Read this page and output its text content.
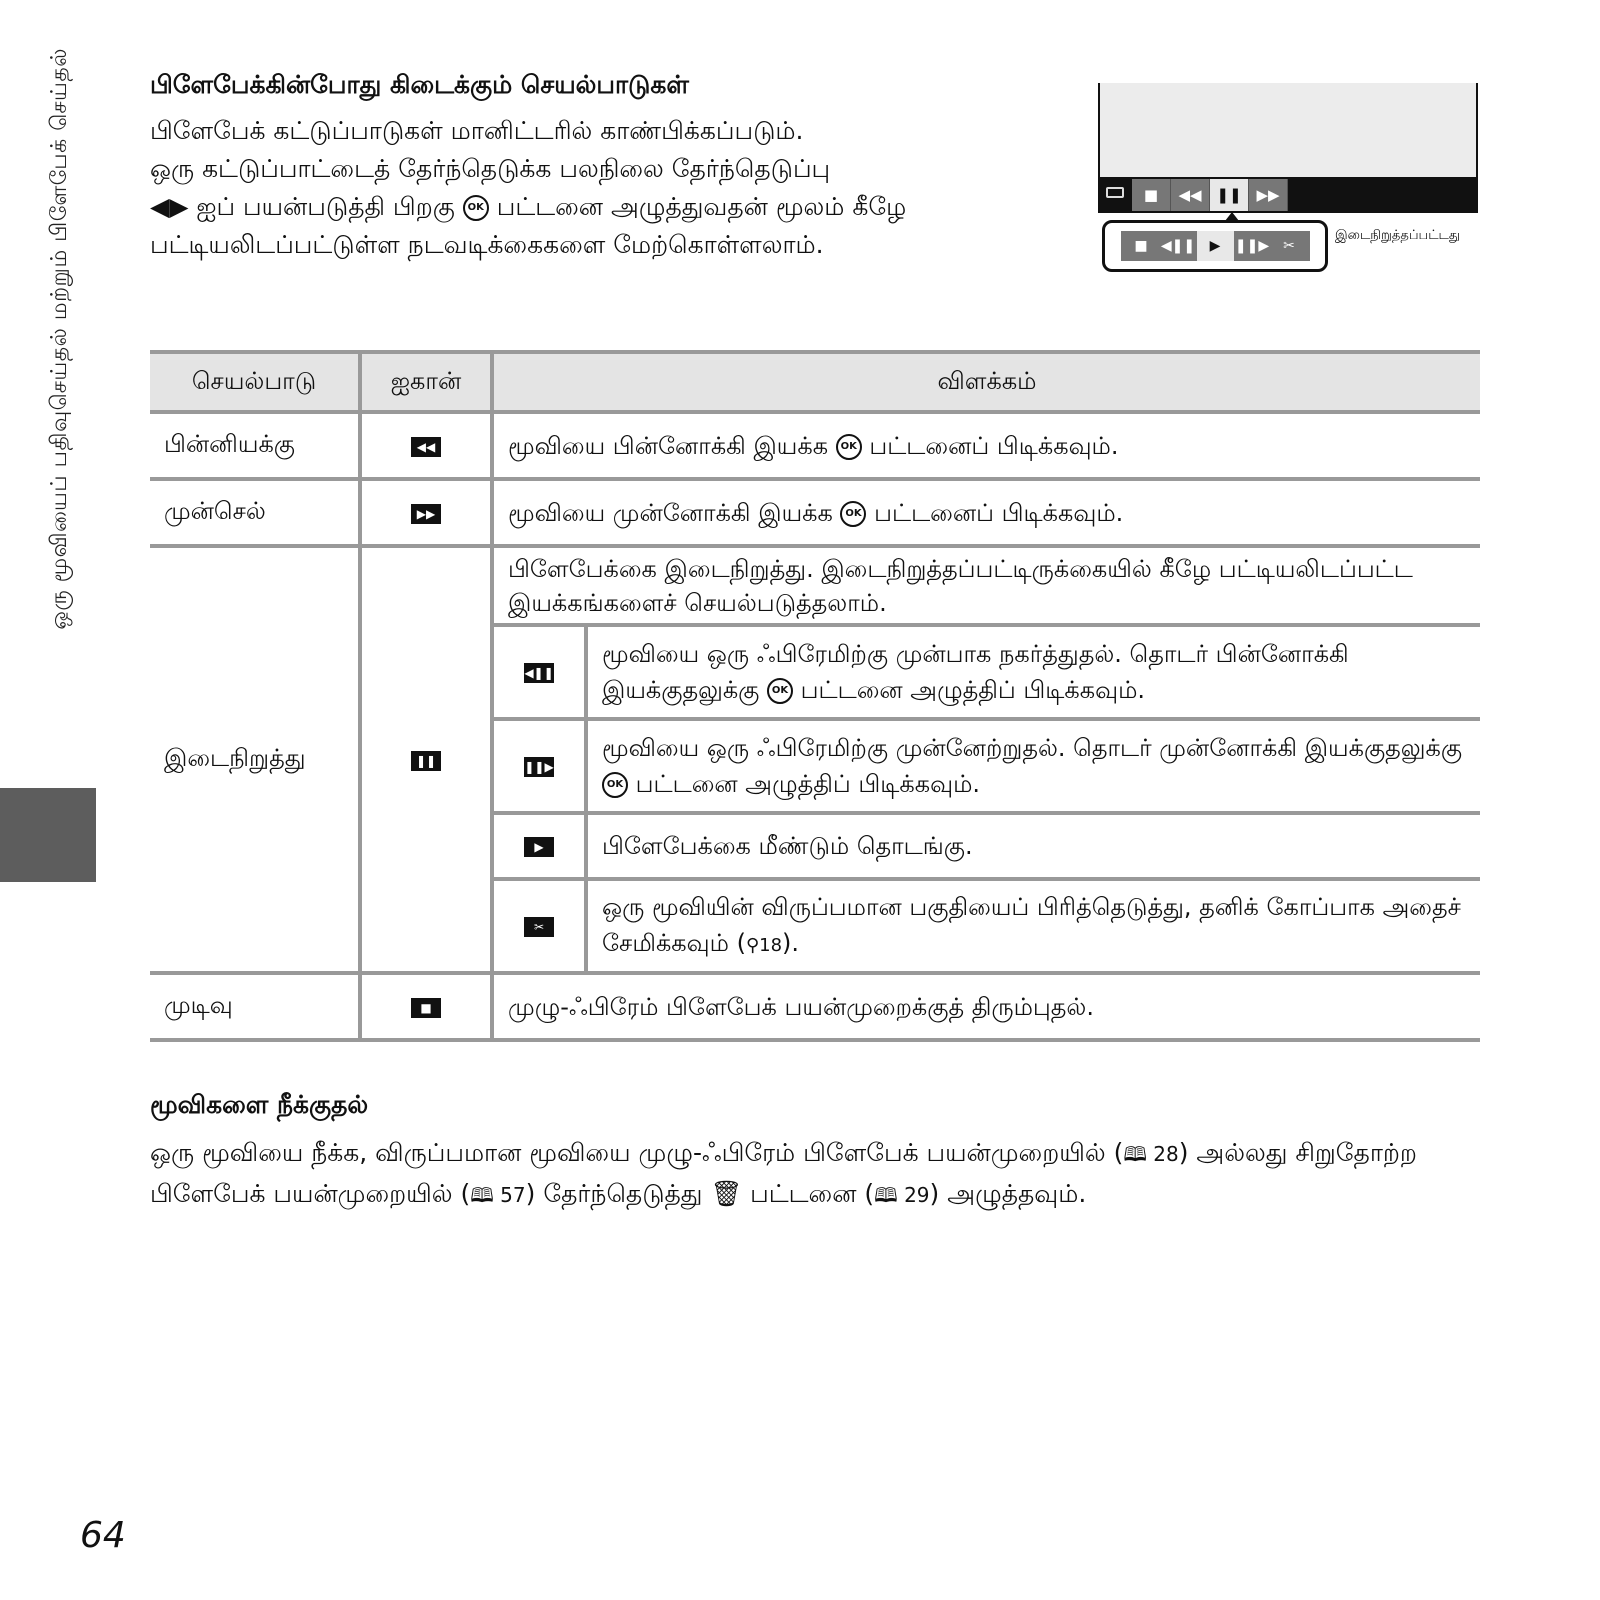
ஒரு மூவியைப் பதிவுசெய்தல் மற்றும் பிளேபேக் செய்தல்	பிளேபேக்கின்போது கிடைக்கும் செயல்பாடுகள்

பிளேபேக் கட்டுப்பாடுகள் மானிட்டரில் காண்பிக்கப்படும்.

ஒரு கட்டுப்பாட்டைத் தேர்ந்தெடுக்க பலநிலை தேர்ந்தெடுப்பு
◀▶ ஐப் பயன்படுத்தி பிறகு OK பட்டனை அழுத்துவதன் மூலம் கீழே பட்டியலிடப்பட்டுள்ள நடவடிக்கைகளை மேற்கொள்ளலாம்.

■	◀◀ ❚❚ ▶▶
■ ◀❚❚	▶	❚❚▶	✂
இடைநிறுத்தப்பட்டது
செயல்பாடு	ஐகான்	விளக்கம்	
பின்னியக்கு	◀◀	மூவியை பின்னோக்கி இயக்க OK பட்டனைப் பிடிக்கவும்.	
முன்செல்	▶▶	மூவியை முன்னோக்கி இயக்க OK பட்டனைப் பிடிக்கவும்.	
இடைநிறுத்து	❚❚	பிளேபேக்கை இடைநிறுத்து. இடைநிறுத்தப்பட்டிருக்கையில் கீழே பட்டியலிடப்பட்ட இயக்கங்களைச் செயல்படுத்தலாம்.	
		◀❚❚	மூவியை ஒரு ஃபிரேமிற்கு முன்பாக நகர்த்துதல். தொடர் பின்னோக்கி இயக்குதலுக்கு OK பட்டனை அழுத்திப் பிடிக்கவும்.
		❚❚▶	மூவியை ஒரு ஃபிரேமிற்கு முன்னேற்றுதல். தொடர் முன்னோக்கி இயக்குதலுக்கு OK பட்டனை அழுத்திப் பிடிக்கவும்.
		▶	பிளேபேக்கை மீண்டும் தொடங்கு.
		✂	ஒரு மூவியின் விருப்பமான பகுதியைப் பிரித்தெடுத்து, தனிக் கோப்பாக அதைச் சேமிக்கவும் (⚲18).
முடிவு	■	முழு-ஃபிரேம் பிளேபேக் பயன்முறைக்குத் திரும்புதல்.	
மூவிகளை நீக்குதல்

ஒரு மூவியை நீக்க, விருப்பமான மூவியை முழு-ஃபிரேம் பிளேபேக் பயன்முறையில் (🕮 28) அல்லது சிறுதோற்ற பிளேபேக் பயன்முறையில் (🕮 57) தேர்ந்தெடுத்து 🗑 பட்டனை (🕮 29) அழுத்தவும்.

64
